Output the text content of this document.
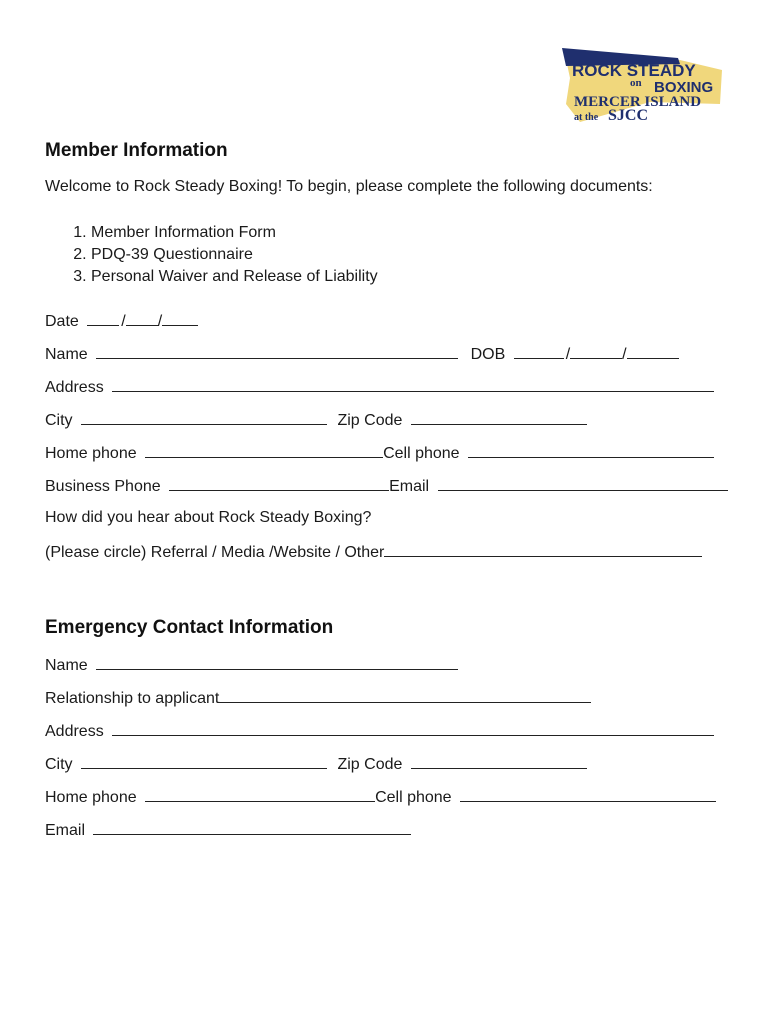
ROCK STEADY
on BOXING
MERCER ISLAND
at the SJCC
Member Information
Welcome to Rock Steady Boxing! To begin, please complete the following documents:
1. Member Information Form
2. PDQ-39 Questionnaire
3. Personal Waiver and Release of Liability
Date	/ /
Name	DOB	/	/
Address
City	Zip Code
Home phone	Cell phone
Business Phone	Email
How did you hear about Rock Steady Boxing?
(Please circle) Referral / Media /Website / Other
Emergency Contact Information
Name
Relationship to applicant
Address
City	Zip Code
Home phone	Cell phone
Email
